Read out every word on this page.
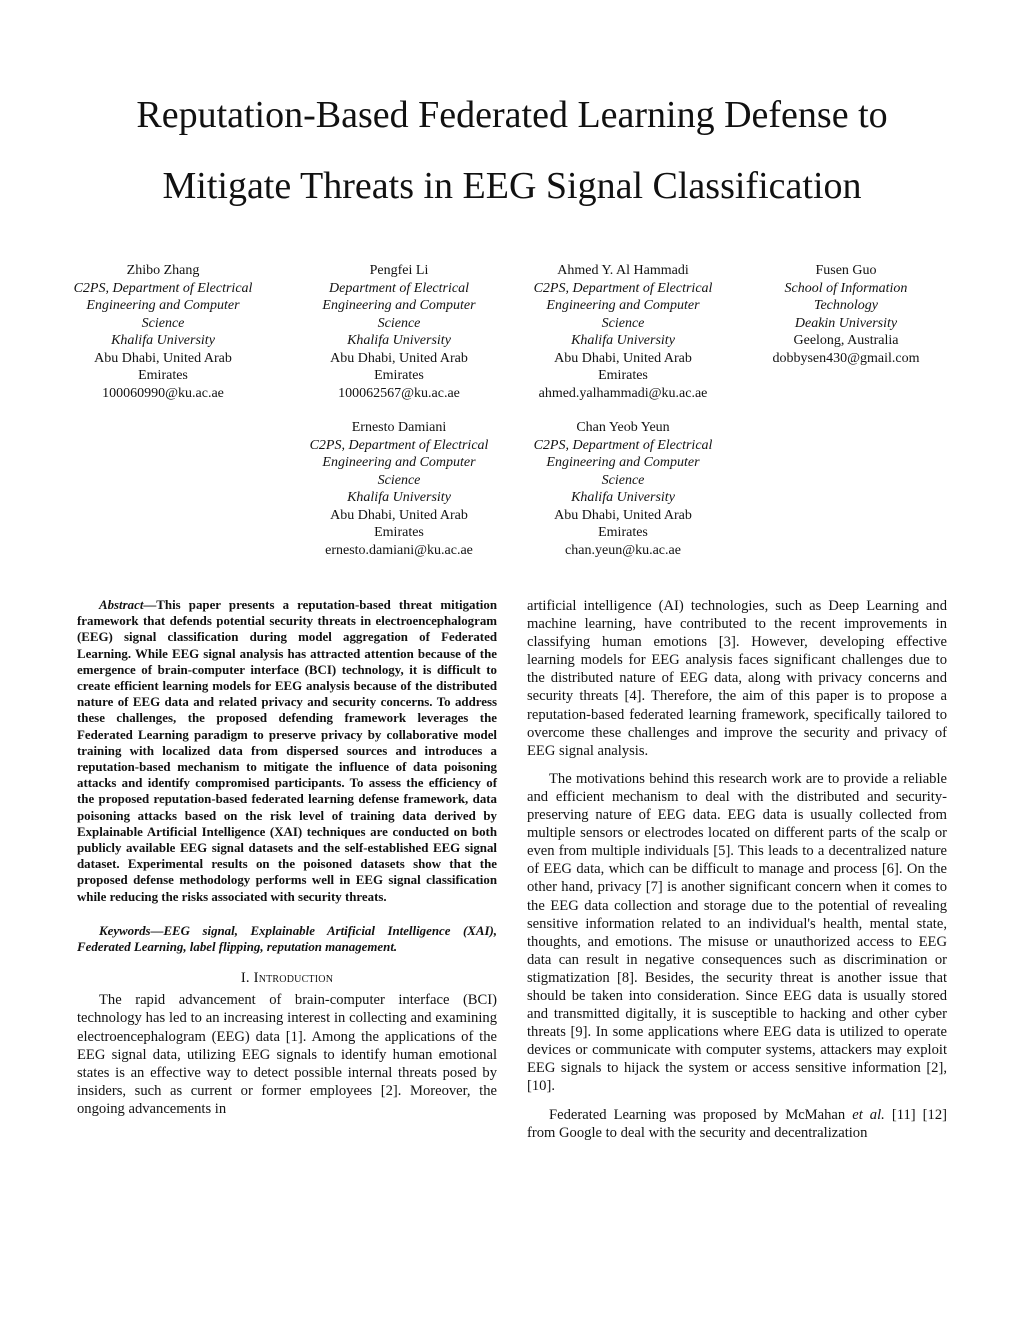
Reputation-Based Federated Learning Defense to
Mitigate Threats in EEG Signal Classification
Zhibo Zhang
C2PS, Department of Electrical
Engineering and Computer
Science
Khalifa University
Abu Dhabi, United Arab
Emirates
100060990@ku.ac.ae
Pengfei Li
Department of Electrical
Engineering and Computer
Science
Khalifa University
Abu Dhabi, United Arab
Emirates
100062567@ku.ac.ae
Ahmed Y. Al Hammadi
C2PS, Department of Electrical
Engineering and Computer
Science
Khalifa University
Abu Dhabi, United Arab
Emirates
ahmed.yalhammadi@ku.ac.ae
Fusen Guo
School of Information
Technology
Deakin University
Geelong, Australia
dobbysen430@gmail.com
Ernesto Damiani
C2PS, Department of Electrical
Engineering and Computer
Science
Khalifa University
Abu Dhabi, United Arab
Emirates
ernesto.damiani@ku.ac.ae
Chan Yeob Yeun
C2PS, Department of Electrical
Engineering and Computer
Science
Khalifa University
Abu Dhabi, United Arab
Emirates
chan.yeun@ku.ac.ae

Abstract—This paper presents a reputation-based threat mitigation framework that defends potential security threats in electroencephalogram (EEG) signal classification during model aggregation of Federated Learning. While EEG signal analysis has attracted attention because of the emergence of brain-computer interface (BCI) technology, it is difficult to create efficient learning models for EEG analysis because of the distributed nature of EEG data and related privacy and security concerns. To address these challenges, the proposed defending framework leverages the Federated Learning paradigm to preserve privacy by collaborative model training with localized data from dispersed sources and introduces a reputation-based mechanism to mitigate the influence of data poisoning attacks and identify compromised participants. To assess the efficiency of the proposed reputation-based federated learning defense framework, data poisoning attacks based on the risk level of training data derived by Explainable Artificial Intelligence (XAI) techniques are conducted on both publicly available EEG signal datasets and the self-established EEG signal dataset. Experimental results on the poisoned datasets show that the proposed defense methodology performs well in EEG signal classification while reducing the risks associated with security threats.

Keywords—EEG signal, Explainable Artificial Intelligence (XAI), Federated Learning, label flipping, reputation management.

I. Introduction

The rapid advancement of brain-computer interface (BCI) technology has led to an increasing interest in collecting and examining electroencephalogram (EEG) data [1]. Among the applications of the EEG signal data, utilizing EEG signals to identify human emotional states is an effective way to detect possible internal threats posed by insiders, such as current or former employees [2]. Moreover, the ongoing advancements in

artificial intelligence (AI) technologies, such as Deep Learning and machine learning, have contributed to the recent improvements in classifying human emotions [3]. However, developing effective learning models for EEG analysis faces significant challenges due to the distributed nature of EEG data, along with privacy concerns and security threats [4]. Therefore, the aim of this paper is to propose a reputation-based federated learning framework, specifically tailored to overcome these challenges and improve the security and privacy of EEG signal analysis.

The motivations behind this research work are to provide a reliable and efficient mechanism to deal with the distributed and security-preserving nature of EEG data. EEG data is usually collected from multiple sensors or electrodes located on different parts of the scalp or even from multiple individuals [5]. This leads to a decentralized nature of EEG data, which can be difficult to manage and process [6]. On the other hand, privacy [7] is another significant concern when it comes to the EEG data collection and storage due to the potential of revealing sensitive information related to an individual's health, mental state, thoughts, and emotions. The misuse or unauthorized access to EEG data can result in negative consequences such as discrimination or stigmatization [8]. Besides, the security threat is another issue that should be taken into consideration. Since EEG data is usually stored and transmitted digitally, it is susceptible to hacking and other cyber threats [9]. In some applications where EEG data is utilized to operate devices or communicate with computer systems, attackers may exploit EEG signals to hijack the system or access sensitive information [2], [10].

Federated Learning was proposed by McMahan et al. [11] [12] from Google to deal with the security and decentralization
